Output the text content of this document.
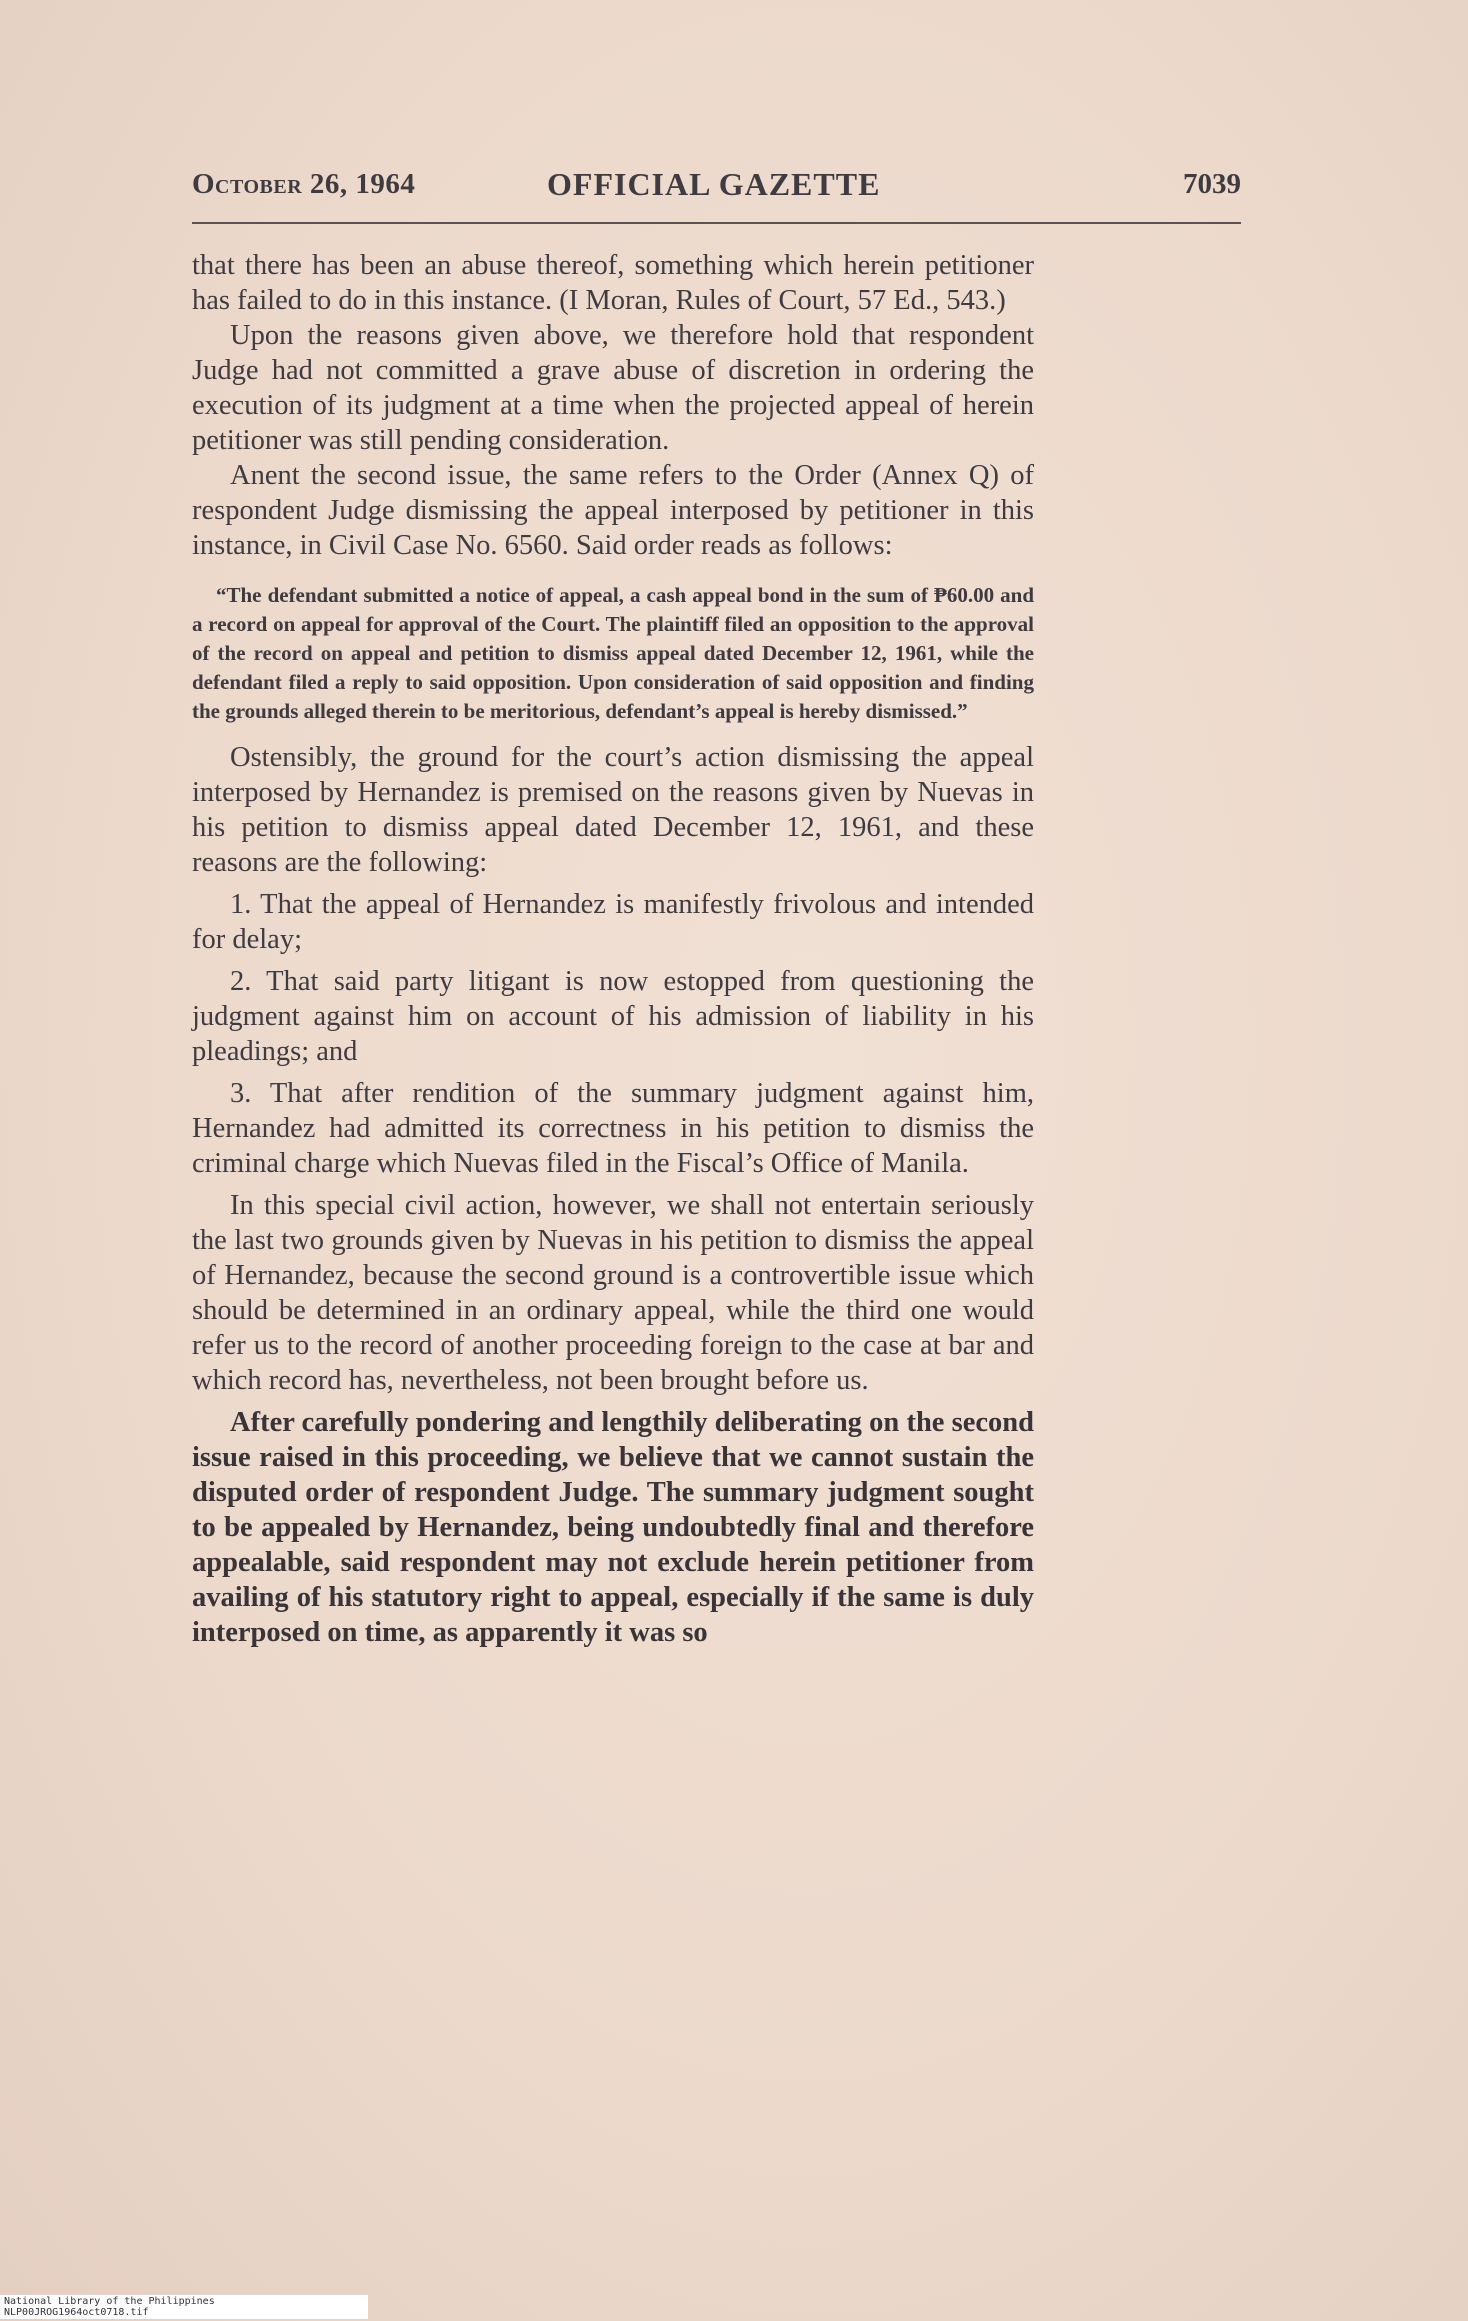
October 26, 1964	OFFICIAL GAZETTE	7039

that there has been an abuse thereof, something which herein petitioner has failed to do in this instance. (I Moran, Rules of Court, 57 Ed., 543.)

Upon the reasons given above, we therefore hold that respondent Judge had not committed a grave abuse of discretion in ordering the execution of its judgment at a time when the projected appeal of herein petitioner was still pending consideration.

Anent the second issue, the same refers to the Order (Annex Q) of respondent Judge dismissing the appeal interposed by petitioner in this instance, in Civil Case No. 6560. Said order reads as follows:

“The defendant submitted a notice of appeal, a cash appeal bond in the sum of ₱60.00 and a record on appeal for approval of the Court. The plaintiff filed an opposition to the approval of the record on appeal and petition to dismiss appeal dated December 12, 1961, while the defendant filed a reply to said opposition. Upon consideration of said opposition and finding the grounds alleged therein to be meritorious, defendant’s appeal is hereby dismissed.”

Ostensibly, the ground for the court’s action dismissing the appeal interposed by Hernandez is premised on the reasons given by Nuevas in his petition to dismiss appeal dated December 12, 1961, and these reasons are the following:

1. That the appeal of Hernandez is manifestly frivolous and intended for delay;

2. That said party litigant is now estopped from questioning the judgment against him on account of his admission of liability in his pleadings; and

3. That after rendition of the summary judgment against him, Hernandez had admitted its correctness in his petition to dismiss the criminal charge which Nuevas filed in the Fiscal’s Office of Manila.

In this special civil action, however, we shall not entertain seriously the last two grounds given by Nuevas in his petition to dismiss the appeal of Hernandez, because the second ground is a controvertible issue which should be determined in an ordinary appeal, while the third one would refer us to the record of another proceeding foreign to the case at bar and which record has, nevertheless, not been brought before us.

After carefully pondering and lengthily deliberating on the second issue raised in this proceeding, we believe that we cannot sustain the disputed order of respondent Judge. The summary judgment sought to be appealed by Hernandez, being undoubtedly final and therefore appealable, said respondent may not exclude herein petitioner from availing of his statutory right to appeal, especially if the same is duly interposed on time, as apparently it was so

National Library of the Philippines NLP00JROG1964oct0718.tif
